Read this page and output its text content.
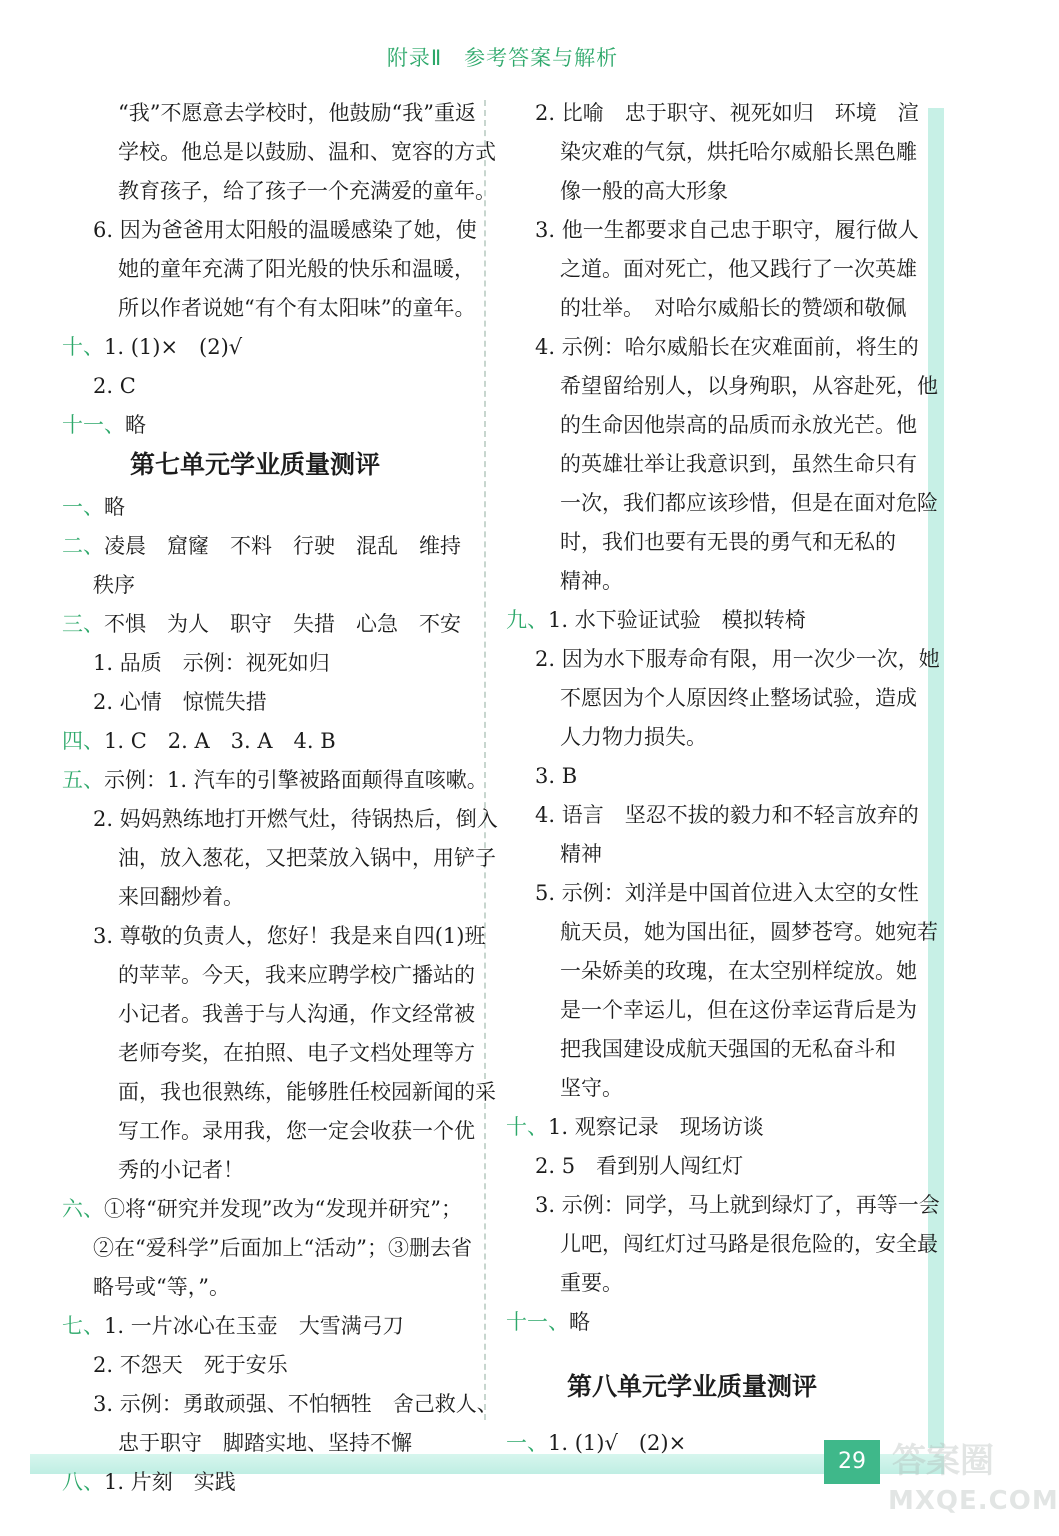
附录Ⅱ 参考答案与解析
第七单元学业质量测评
第八单元学业质量测评
29 答案圈
MXQE.COM
“我”不愿意去学校时，他鼓励“我”重返
学校。他总是以鼓励、温和、宽容的方式
教育孩子，给了孩子一个充满爱的童年。
6. 因为爸爸用太阳般的温暖感染了她，使
她的童年充满了阳光般的快乐和温暖，
所以作者说她“有个有太阳味”的童年。
十、1. (1)×　(2)√
2. C
十一、略
一、略
二、凌晨　窟窿　不料　行驶　混乱　维持
秩序
三、不惧　为人　职守　失措　心急　不安
1. 品质　示例：视死如归
2. 心情　惊慌失措
四、1. C　2. A　3. A　4. B
五、示例：1. 汽车的引擎被路面颠得直咳嗽。
2. 妈妈熟练地打开燃气灶，待锅热后，倒入
油，放入葱花，又把菜放入锅中，用铲子
来回翻炒着。
3. 尊敬的负责人，您好！我是来自四(1)班
的苹苹。今天，我来应聘学校广播站的
小记者。我善于与人沟通，作文经常被
老师夸奖，在拍照、电子文档处理等方
面，我也很熟练，能够胜任校园新闻的采
写工作。录用我，您一定会收获一个优
秀的小记者！
六、①将“研究并发现”改为“发现并研究”；
②在“爱科学”后面加上“活动”；③删去省
略号或“等，”。
七、1. 一片冰心在玉壶　大雪满弓刀
2. 不怨天　死于安乐
3. 示例：勇敢顽强、不怕牺牲　舍己救人、
忠于职守　脚踏实地、坚持不懈
八、1. 片刻　实践
2. 比喻　忠于职守、视死如归　环境　渲
染灾难的气氛，烘托哈尔威船长黑色雕
像一般的高大形象
3. 他一生都要求自己忠于职守，履行做人
之道。面对死亡，他又践行了一次英雄
的壮举。　对哈尔威船长的赞颂和敬佩
4. 示例：哈尔威船长在灾难面前，将生的
希望留给别人，以身殉职，从容赴死，他
的生命因他崇高的品质而永放光芒。他
的英雄壮举让我意识到，虽然生命只有
一次，我们都应该珍惜，但是在面对危险
时，我们也要有无畏的勇气和无私的
精神。
九、1. 水下验证试验　模拟转椅
2. 因为水下服寿命有限，用一次少一次，她
不愿因为个人原因终止整场试验，造成
人力物力损失。
3. B
4. 语言　坚忍不拔的毅力和不轻言放弃的
精神
5. 示例：刘洋是中国首位进入太空的女性
航天员，她为国出征，圆梦苍穹。她宛若
一朵娇美的玫瑰，在太空别样绽放。她
是一个幸运儿，但在这份幸运背后是为
把我国建设成航天强国的无私奋斗和
坚守。
十、1. 观察记录　现场访谈
2. 5　看到别人闯红灯
3. 示例：同学，马上就到绿灯了，再等一会
儿吧，闯红灯过马路是很危险的，安全最
重要。
十一、略
一、1. (1)√　(2)×
